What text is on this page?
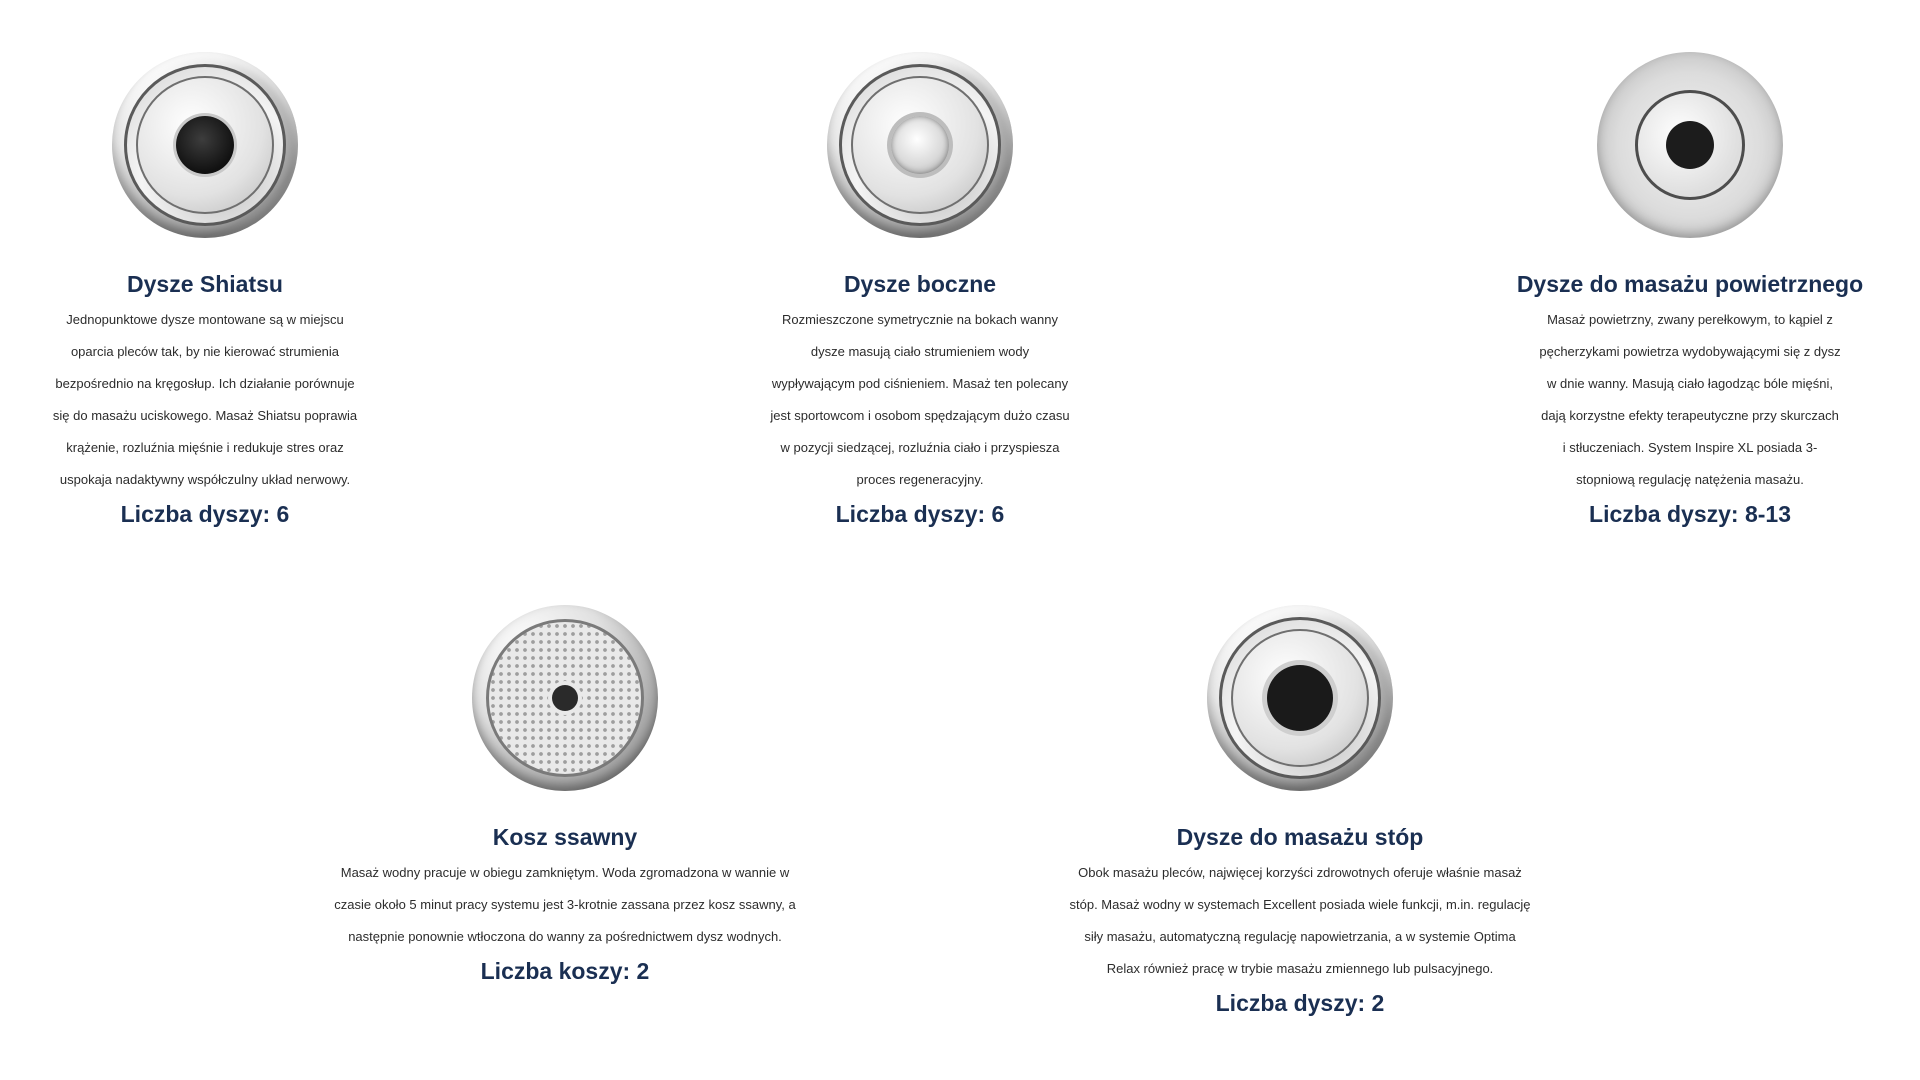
Dysze Shiatsu

Jednopunktowe dysze montowane są w miejscu

oparcia pleców tak, by nie kierować strumienia

bezpośrednio na kręgosłup. Ich działanie porównuje

się do masażu uciskowego. Masaż Shiatsu poprawia

krążenie, rozluźnia mięśnie i redukuje stres oraz

uspokaja nadaktywny współczulny układ nerwowy.

Liczba dyszy: 6
Dysze boczne

Rozmieszczone symetrycznie na bokach wanny

dysze masują ciało strumieniem wody

wypływającym pod ciśnieniem. Masaż ten polecany

jest sportowcom i osobom spędzającym dużo czasu

w pozycji siedzącej, rozluźnia ciało i przyspiesza

proces regeneracyjny.

Liczba dyszy: 6
Dysze do masażu powietrznego

Masaż powietrzny, zwany perełkowym, to kąpiel z

pęcherzykami powietrza wydobywającymi się z dysz

w dnie wanny. Masują ciało łagodząc bóle mięśni,

dają korzystne efekty terapeutyczne przy skurczach

i stłuczeniach. System Inspire XL posiada 3-

stopniową regulację natężenia masażu.

Liczba dyszy: 8-13
Kosz ssawny

Masaż wodny pracuje w obiegu zamkniętym. Woda zgromadzona w wannie w

czasie około 5 minut pracy systemu jest 3-krotnie zassana przez kosz ssawny, a

następnie ponownie wtłoczona do wanny za pośrednictwem dysz wodnych.

Liczba koszy: 2
Dysze do masażu stóp

Obok masażu pleców, najwięcej korzyści zdrowotnych oferuje właśnie masaż

stóp. Masaż wodny w systemach Excellent posiada wiele funkcji, m.in. regulację

siły masażu, automatyczną regulację napowietrzania, a w systemie Optima

Relax również pracę w trybie masażu zmiennego lub pulsacyjnego.

Liczba dyszy: 2
